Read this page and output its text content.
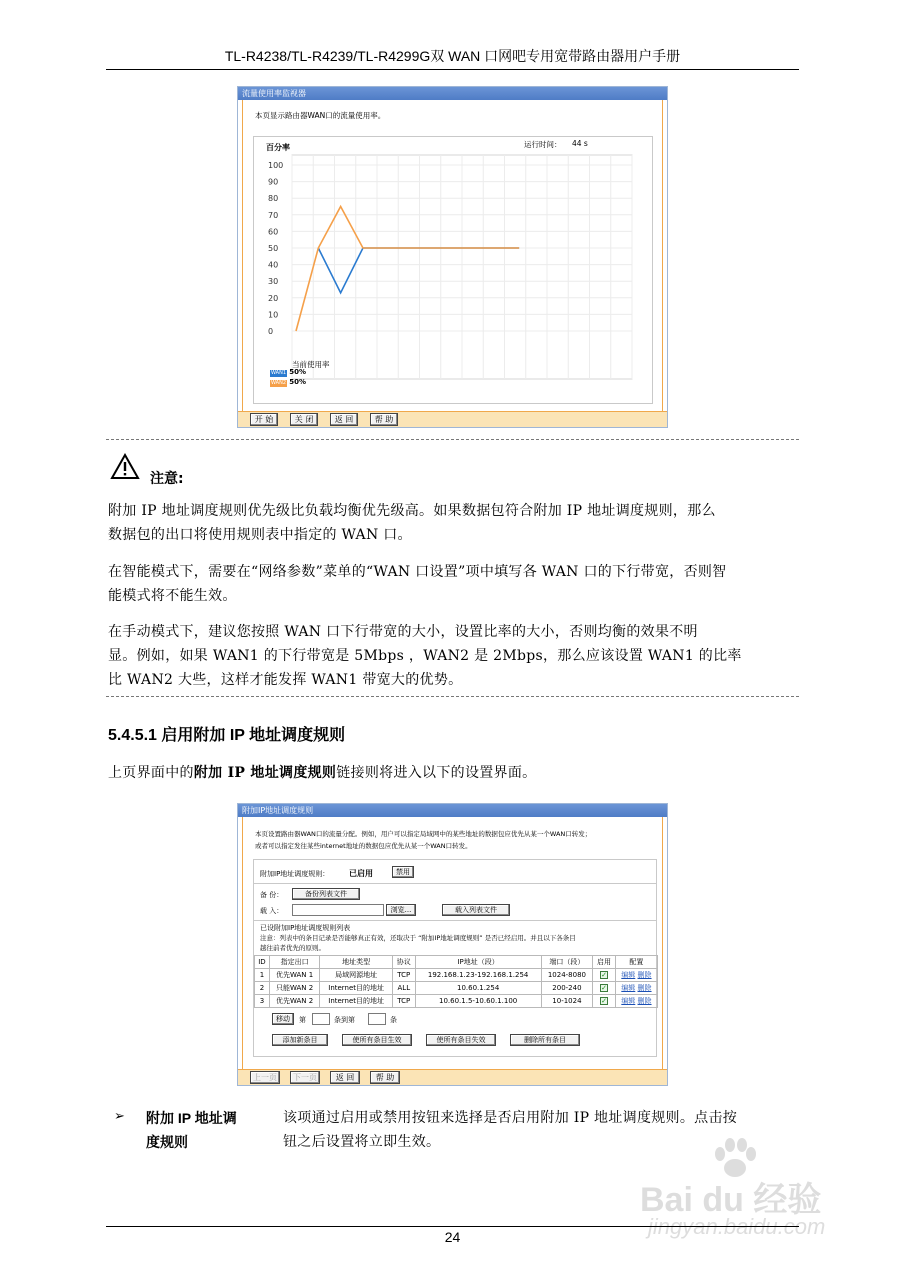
TL-R4238/TL-R4239/TL-R4299G双 WAN 口网吧专用宽带路由器用户手册
流量使用率监视器
本页显示路由器WAN口的流量使用率。
百分率	运行时间： 44 s
100
90
80
70
60
50
40
30
20
10
0
当前使用率
WAN1 50%
WAN2 50%
开 始	关 闭	返 回	帮 助
注意:
附加 IP 地址调度规则优先级比负载均衡优先级高。如果数据包符合附加 IP 地址调度规则，那么
数据包的出口将使用规则表中指定的 WAN 口。
在智能模式下，需要在“网络参数”菜单的“WAN 口设置”项中填写各 WAN 口的下行带宽，否则智
能模式将不能生效。
在手动模式下，建议您按照 WAN 口下行带宽的大小，设置比率的大小，否则均衡的效果不明
显。例如，如果 WAN1 的下行带宽是 5Mbps ，WAN2 是 2Mbps，那么应该设置 WAN1 的比率
比 WAN2 大些，这样才能发挥 WAN1 带宽大的优势。
5.4.5.1 启用附加 IP 地址调度规则
上页界面中的附加 IP 地址调度规则链接则将进入以下的设置界面。
附加IP地址调度规则
本页设置路由器WAN口的流量分配。例如，用户可以指定局域网中的某些地址的数据包应优先从某一个WAN口转发；
或者可以指定发往某些internet地址的数据包应优先从某一个WAN口转发。
附加IP地址调度规则： 已启用	禁用
备 份：	备份列表文件
载 入：	浏览...	载入列表文件
已设附加IP地址调度规则列表
注意：列表中的条目记录是否能够真正有效，还取决于 “附加IP地址调度规则” 是否已经启用。并且以下各条目
越往前者优先的原则。
ID	指定出口	地址类型	协议	IP地址（段）	端口（段）	启用	配置
1	优先WAN 1	局域网源地址	TCP	192.168.1.23-192.168.1.254	1024-8080	✓	编辑 删除
2	只能WAN 2	Internet目的地址	ALL	10.60.1.254	200-240	✓	编辑 删除
3	优先WAN 2	Internet目的地址	TCP	10.60.1.5-10.60.1.100	10-1024	✓	编辑 删除
移动	第	条到第	条
添加新条目	使所有条目生效	使所有条目失效	删除所有条目
上一页	下一页	返 回	帮 助
➢ 附加 IP 地址调
度规则
该项通过启用或禁用按钮来选择是否启用附加 IP 地址调度规则。点击按
钮之后设置将立即生效。
Bai du 经验
jingyan.baidu.com
24
